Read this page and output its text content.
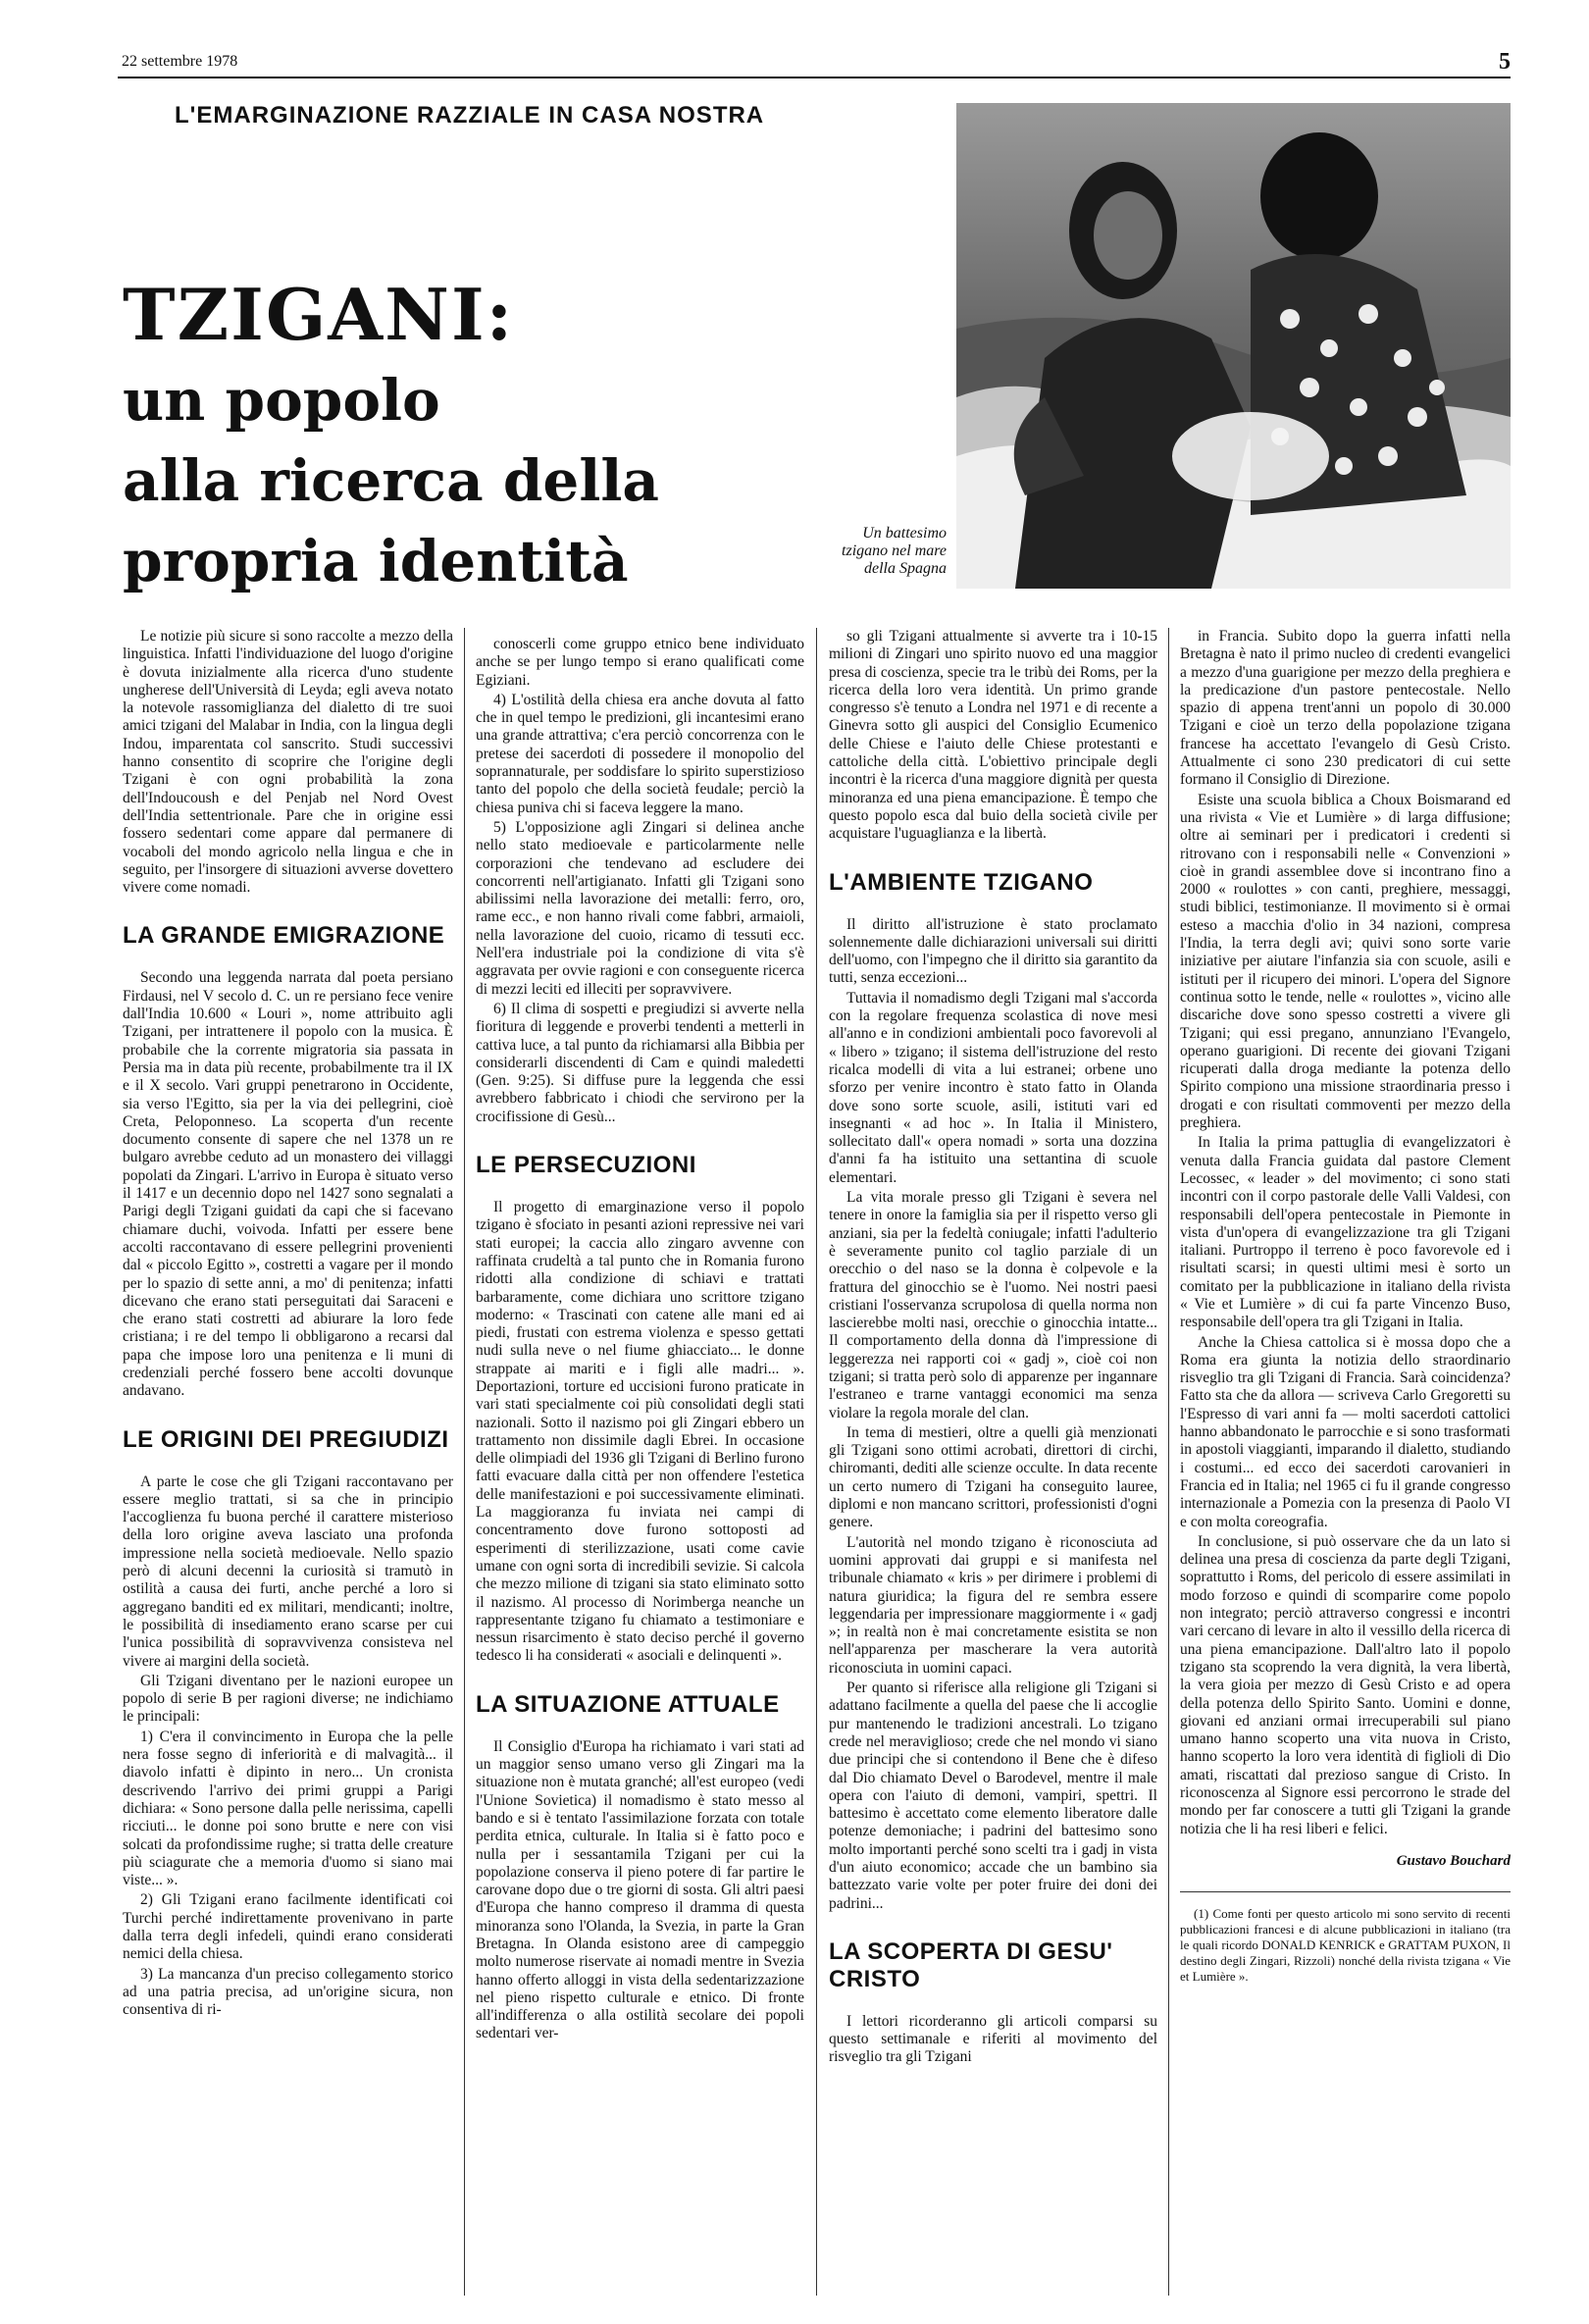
22 settembre 1978	5
L'EMARGINAZIONE RAZZIALE IN CASA NOSTRA
TZIGANI:
un popolo
alla ricerca della
propria identità	Un battesimo tzigano nel mare della Spagna

Le notizie più sicure si sono raccolte a mezzo della linguistica. Infatti l'individuazione del luogo d'origine è dovuta inizialmente alla ricerca d'uno studente ungherese dell'Università di Leyda; egli aveva notato la notevole rassomiglianza del dialetto di tre suoi amici tzigani del Malabar in India, con la lingua degli Indou, imparentata col sanscrito. Studi successivi hanno consentito di scoprire che l'origine degli Tzigani è con ogni probabilità la zona dell'Indoucoush e del Penjab nel Nord Ovest dell'India settentrionale. Pare che in origine essi fossero sedentari come appare dal permanere di vocaboli del mondo agricolo nella lingua e che in seguito, per l'insorgere di situazioni avverse dovettero vivere come nomadi.

LA GRANDE EMIGRAZIONE

Secondo una leggenda narrata dal poeta persiano Firdausi, nel V secolo d. C. un re persiano fece venire dall'India 10.600 « Louri », nome attribuito agli Tzigani, per intrattenere il popolo con la musica. È probabile che la corrente migratoria sia passata in Persia ma in data più recente, probabilmente tra il IX e il X secolo. Vari gruppi penetrarono in Occidente, sia verso l'Egitto, sia per la via dei pellegrini, cioè Creta, Peloponneso. La scoperta d'un recente documento consente di sapere che nel 1378 un re bulgaro avrebbe ceduto ad un monastero dei villaggi popolati da Zingari. L'arrivo in Europa è situato verso il 1417 e un decennio dopo nel 1427 sono segnalati a Parigi degli Tzigani guidati da capi che si facevano chiamare duchi, voivoda. Infatti per essere bene accolti raccontavano di essere pellegrini provenienti dal « piccolo Egitto », costretti a vagare per il mondo per lo spazio di sette anni, a mo' di penitenza; infatti dicevano che erano stati perseguitati dai Saraceni e che erano stati costretti ad abiurare la loro fede cristiana; i re del tempo li obbligarono a recarsi dal papa che impose loro una penitenza e li muni di credenziali perché fossero bene accolti dovunque andavano.

LE ORIGINI DEI PREGIUDIZI

A parte le cose che gli Tzigani raccontavano per essere meglio trattati, si sa che in principio l'accoglienza fu buona perché il carattere misterioso della loro origine aveva lasciato una profonda impressione nella società medioevale. Nello spazio però di alcuni decenni la curiosità si tramutò in ostilità a causa dei furti, anche perché a loro si aggregano banditi ed ex militari, mendicanti; inoltre, le possibilità di insediamento erano scarse per cui l'unica possibilità di sopravvivenza consisteva nel vivere ai margini della società.

Gli Tzigani diventano per le nazioni europee un popolo di serie B per ragioni diverse; ne indichiamo le principali:

1) C'era il convincimento in Europa che la pelle nera fosse segno di inferiorità e di malvagità... il diavolo infatti è dipinto in nero... Un cronista descrivendo l'arrivo dei primi gruppi a Parigi dichiara: « Sono persone dalla pelle nerissima, capelli ricciuti... le donne poi sono brutte e nere con visi solcati da profondissime rughe; si tratta delle creature più sciagurate che a memoria d'uomo si siano mai viste... ».

2) Gli Tzigani erano facilmente identificati coi Turchi perché indirettamente provenivano in parte dalla terra degli infedeli, quindi erano considerati nemici della chiesa.

3) La mancanza d'un preciso collegamento storico ad una patria precisa, ad un'origine sicura, non consentiva di ri-

conoscerli come gruppo etnico bene individuato anche se per lungo tempo si erano qualificati come Egiziani.

4) L'ostilità della chiesa era anche dovuta al fatto che in quel tempo le predizioni, gli incantesimi erano una grande attrattiva; c'era perciò concorrenza con le pretese dei sacerdoti di possedere il monopolio del soprannaturale, per soddisfare lo spirito superstizioso tanto del popolo che della società feudale; perciò la chiesa puniva chi si faceva leggere la mano.

5) L'opposizione agli Zingari si delinea anche nello stato medioevale e particolarmente nelle corporazioni che tendevano ad escludere dei concorrenti nell'artigianato. Infatti gli Tzigani sono abilissimi nella lavorazione dei metalli: ferro, oro, rame ecc., e non hanno rivali come fabbri, armaioli, nella lavorazione del cuoio, ricamo di tessuti ecc. Nell'era industriale poi la condizione di vita s'è aggravata per ovvie ragioni e con conseguente ricerca di mezzi leciti ed illeciti per sopravvivere.

6) Il clima di sospetti e pregiudizi si avverte nella fioritura di leggende e proverbi tendenti a metterli in cattiva luce, a tal punto da richiamarsi alla Bibbia per considerarli discendenti di Cam e quindi maledetti (Gen. 9:25). Si diffuse pure la leggenda che essi avrebbero fabbricato i chiodi che servirono per la crocifissione di Gesù...

LE PERSECUZIONI

Il progetto di emarginazione verso il popolo tzigano è sfociato in pesanti azioni repressive nei vari stati europei; la caccia allo zingaro avvenne con raffinata crudeltà a tal punto che in Romania furono ridotti alla condizione di schiavi e trattati barbaramente, come dichiara uno scrittore tzigano moderno: « Trascinati con catene alle mani ed ai piedi, frustati con estrema violenza e spesso gettati nudi sulla neve o nel fiume ghiacciato... le donne strappate ai mariti e i figli alle madri... ». Deportazioni, torture ed uccisioni furono praticate in vari stati specialmente coi più consolidati degli stati nazionali. Sotto il nazismo poi gli Zingari ebbero un trattamento non dissimile dagli Ebrei. In occasione delle olimpiadi del 1936 gli Tzigani di Berlino furono fatti evacuare dalla città per non offendere l'estetica delle manifestazioni e poi successivamente eliminati. La maggioranza fu inviata nei campi di concentramento dove furono sottoposti ad esperimenti di sterilizzazione, usati come cavie umane con ogni sorta di incredibili sevizie. Si calcola che mezzo milione di tzigani sia stato eliminato sotto il nazismo. Al processo di Norimberga neanche un rappresentante tzigano fu chiamato a testimoniare e nessun risarcimento è stato deciso perché il governo tedesco li ha considerati « asociali e delinquenti ».

LA SITUAZIONE ATTUALE

Il Consiglio d'Europa ha richiamato i vari stati ad un maggior senso umano verso gli Zingari ma la situazione non è mutata granché; all'est europeo (vedi l'Unione Sovietica) il nomadismo è stato messo al bando e si è tentato l'assimilazione forzata con totale perdita etnica, culturale. In Italia si è fatto poco e nulla per i sessantamila Tzigani per cui la popolazione conserva il pieno potere di far partire le carovane dopo due o tre giorni di sosta. Gli altri paesi d'Europa che hanno compreso il dramma di questa minoranza sono l'Olanda, la Svezia, in parte la Gran Bretagna. In Olanda esistono aree di campeggio molto numerose riservate ai nomadi mentre in Svezia hanno offerto alloggi in vista della sedentarizzazione nel pieno rispetto culturale e etnico. Di fronte all'indifferenza o alla ostilità secolare dei popoli sedentari ver-

so gli Tzigani attualmente si avverte tra i 10-15 milioni di Zingari uno spirito nuovo ed una maggior presa di coscienza, specie tra le tribù dei Roms, per la ricerca della loro vera identità. Un primo grande congresso s'è tenuto a Londra nel 1971 e di recente a Ginevra sotto gli auspici del Consiglio Ecumenico delle Chiese e l'aiuto delle Chiese protestanti e cattoliche della città. L'obiettivo principale degli incontri è la ricerca d'una maggiore dignità per questa minoranza ed una piena emancipazione. È tempo che questo popolo esca dal buio della società civile per acquistare l'uguaglianza e la libertà.

L'AMBIENTE TZIGANO

Il diritto all'istruzione è stato proclamato solennemente dalle dichiarazioni universali sui diritti dell'uomo, con l'impegno che il diritto sia garantito da tutti, senza eccezioni...

Tuttavia il nomadismo degli Tzigani mal s'accorda con la regolare frequenza scolastica di nove mesi all'anno e in condizioni ambientali poco favorevoli al « libero » tzigano; il sistema dell'istruzione del resto ricalca modelli di vita a lui estranei; orbene uno sforzo per venire incontro è stato fatto in Olanda dove sono sorte scuole, asili, istituti vari ed insegnanti « ad hoc ». In Italia il Ministero, sollecitato dall'« opera nomadi » sorta una dozzina d'anni fa ha istituito una settantina di scuole elementari.

La vita morale presso gli Tzigani è severa nel tenere in onore la famiglia sia per il rispetto verso gli anziani, sia per la fedeltà coniugale; infatti l'adulterio è severamente punito col taglio parziale di un orecchio o del naso se la donna è colpevole e la frattura del ginocchio se è l'uomo. Nei nostri paesi cristiani l'osservanza scrupolosa di quella norma non lascierebbe molti nasi, orecchie o ginocchia intatte... Il comportamento della donna dà l'impressione di leggerezza nei rapporti coi « gadj », cioè coi non tzigani; si tratta però solo di apparenze per ingannare l'estraneo e trarne vantaggi economici ma senza violare la regola morale del clan.

In tema di mestieri, oltre a quelli già menzionati gli Tzigani sono ottimi acrobati, direttori di circhi, chiromanti, dediti alle scienze occulte. In data recente un certo numero di Tzigani ha conseguito lauree, diplomi e non mancano scrittori, professionisti d'ogni genere.

L'autorità nel mondo tzigano è riconosciuta ad uomini approvati dai gruppi e si manifesta nel tribunale chiamato « kris » per dirimere i problemi di natura giuridica; la figura del re sembra essere leggendaria per impressionare maggiormente i « gadj »; in realtà non è mai concretamente esistita se non nell'apparenza per mascherare la vera autorità riconosciuta in uomini capaci.

Per quanto si riferisce alla religione gli Tzigani si adattano facilmente a quella del paese che li accoglie pur mantenendo le tradizioni ancestrali. Lo tzigano crede nel meraviglioso; crede che nel mondo vi siano due principi che si contendono il Bene che è difeso dal Dio chiamato Devel o Barodevel, mentre il male opera con l'aiuto di demoni, vampiri, spettri. Il battesimo è accettato come elemento liberatore dalle potenze demoniache; i padrini del battesimo sono molto importanti perché sono scelti tra i gadj in vista d'un aiuto economico; accade che un bambino sia battezzato varie volte per poter fruire dei doni dei padrini...

LA SCOPERTA DI GESU' CRISTO

I lettori ricorderanno gli articoli comparsi su questo settimanale e riferiti al movimento del risveglio tra gli Tzigani

in Francia. Subito dopo la guerra infatti nella Bretagna è nato il primo nucleo di credenti evangelici a mezzo d'una guarigione per mezzo della preghiera e la predicazione d'un pastore pentecostale. Nello spazio di appena trent'anni un popolo di 30.000 Tzigani e cioè un terzo della popolazione tzigana francese ha accettato l'evangelo di Gesù Cristo. Attualmente ci sono 230 predicatori di cui sette formano il Consiglio di Direzione.

Esiste una scuola biblica a Choux Boismarand ed una rivista « Vie et Lumière » di larga diffusione; oltre ai seminari per i predicatori i credenti si ritrovano con i responsabili nelle « Convenzioni » cioè in grandi assemblee dove si incontrano fino a 2000 « roulottes » con canti, preghiere, messaggi, studi biblici, testimonianze. Il movimento si è ormai esteso a macchia d'olio in 34 nazioni, compresa l'India, la terra degli avi; quivi sono sorte varie iniziative per aiutare l'infanzia sia con scuole, asili e istituti per il ricupero dei minori. L'opera del Signore continua sotto le tende, nelle « roulottes », vicino alle discariche dove sono spesso costretti a vivere gli Tzigani; qui essi pregano, annunziano l'Evangelo, operano guarigioni. Di recente dei giovani Tzigani ricuperati dalla droga mediante la potenza dello Spirito compiono una missione straordinaria presso i drogati e con risultati commoventi per mezzo della preghiera.

In Italia la prima pattuglia di evangelizzatori è venuta dalla Francia guidata dal pastore Clement Lecossec, « leader » del movimento; ci sono stati incontri con il corpo pastorale delle Valli Valdesi, con responsabili dell'opera pentecostale in Piemonte in vista d'un'opera di evangelizzazione tra gli Tzigani italiani. Purtroppo il terreno è poco favorevole ed i risultati scarsi; in questi ultimi mesi è sorto un comitato per la pubblicazione in italiano della rivista « Vie et Lumière » di cui fa parte Vincenzo Buso, responsabile dell'opera tra gli Tzigani in Italia.

Anche la Chiesa cattolica si è mossa dopo che a Roma era giunta la notizia dello straordinario risveglio tra gli Tzigani di Francia. Sarà coincidenza? Fatto sta che da allora — scriveva Carlo Gregoretti su l'Espresso di vari anni fa — molti sacerdoti cattolici hanno abbandonato le parrocchie e si sono trasformati in apostoli viaggianti, imparando il dialetto, studiando i costumi... ed ecco dei sacerdoti carovanieri in Francia ed in Italia; nel 1965 ci fu il grande congresso internazionale a Pomezia con la presenza di Paolo VI e con molta coreografia.

In conclusione, si può osservare che da un lato si delinea una presa di coscienza da parte degli Tzigani, soprattutto i Roms, del pericolo di essere assimilati in modo forzoso e quindi di scomparire come popolo non integrato; perciò attraverso congressi e incontri vari cercano di levare in alto il vessillo della ricerca di una piena emancipazione. Dall'altro lato il popolo tzigano sta scoprendo la vera dignità, la vera libertà, la vera gioia per mezzo di Gesù Cristo e ad opera della potenza dello Spirito Santo. Uomini e donne, giovani ed anziani ormai irrecuperabili sul piano umano hanno scoperto una vita nuova in Cristo, hanno scoperto la loro vera identità di figlioli di Dio amati, riscattati dal prezioso sangue di Cristo. In riconoscenza al Signore essi percorrono le strade del mondo per far conoscere a tutti gli Tzigani la grande notizia che li ha resi liberi e felici.

Gustavo Bouchard

(1) Come fonti per questo articolo mi sono servito di recenti pubblicazioni francesi e di alcune pubblicazioni in italiano (tra le quali ricordo DONALD KENRICK e GRATTAM PUXON, Il destino degli Zingari, Rizzoli) nonché della rivista tzigana « Vie et Lumière ».
